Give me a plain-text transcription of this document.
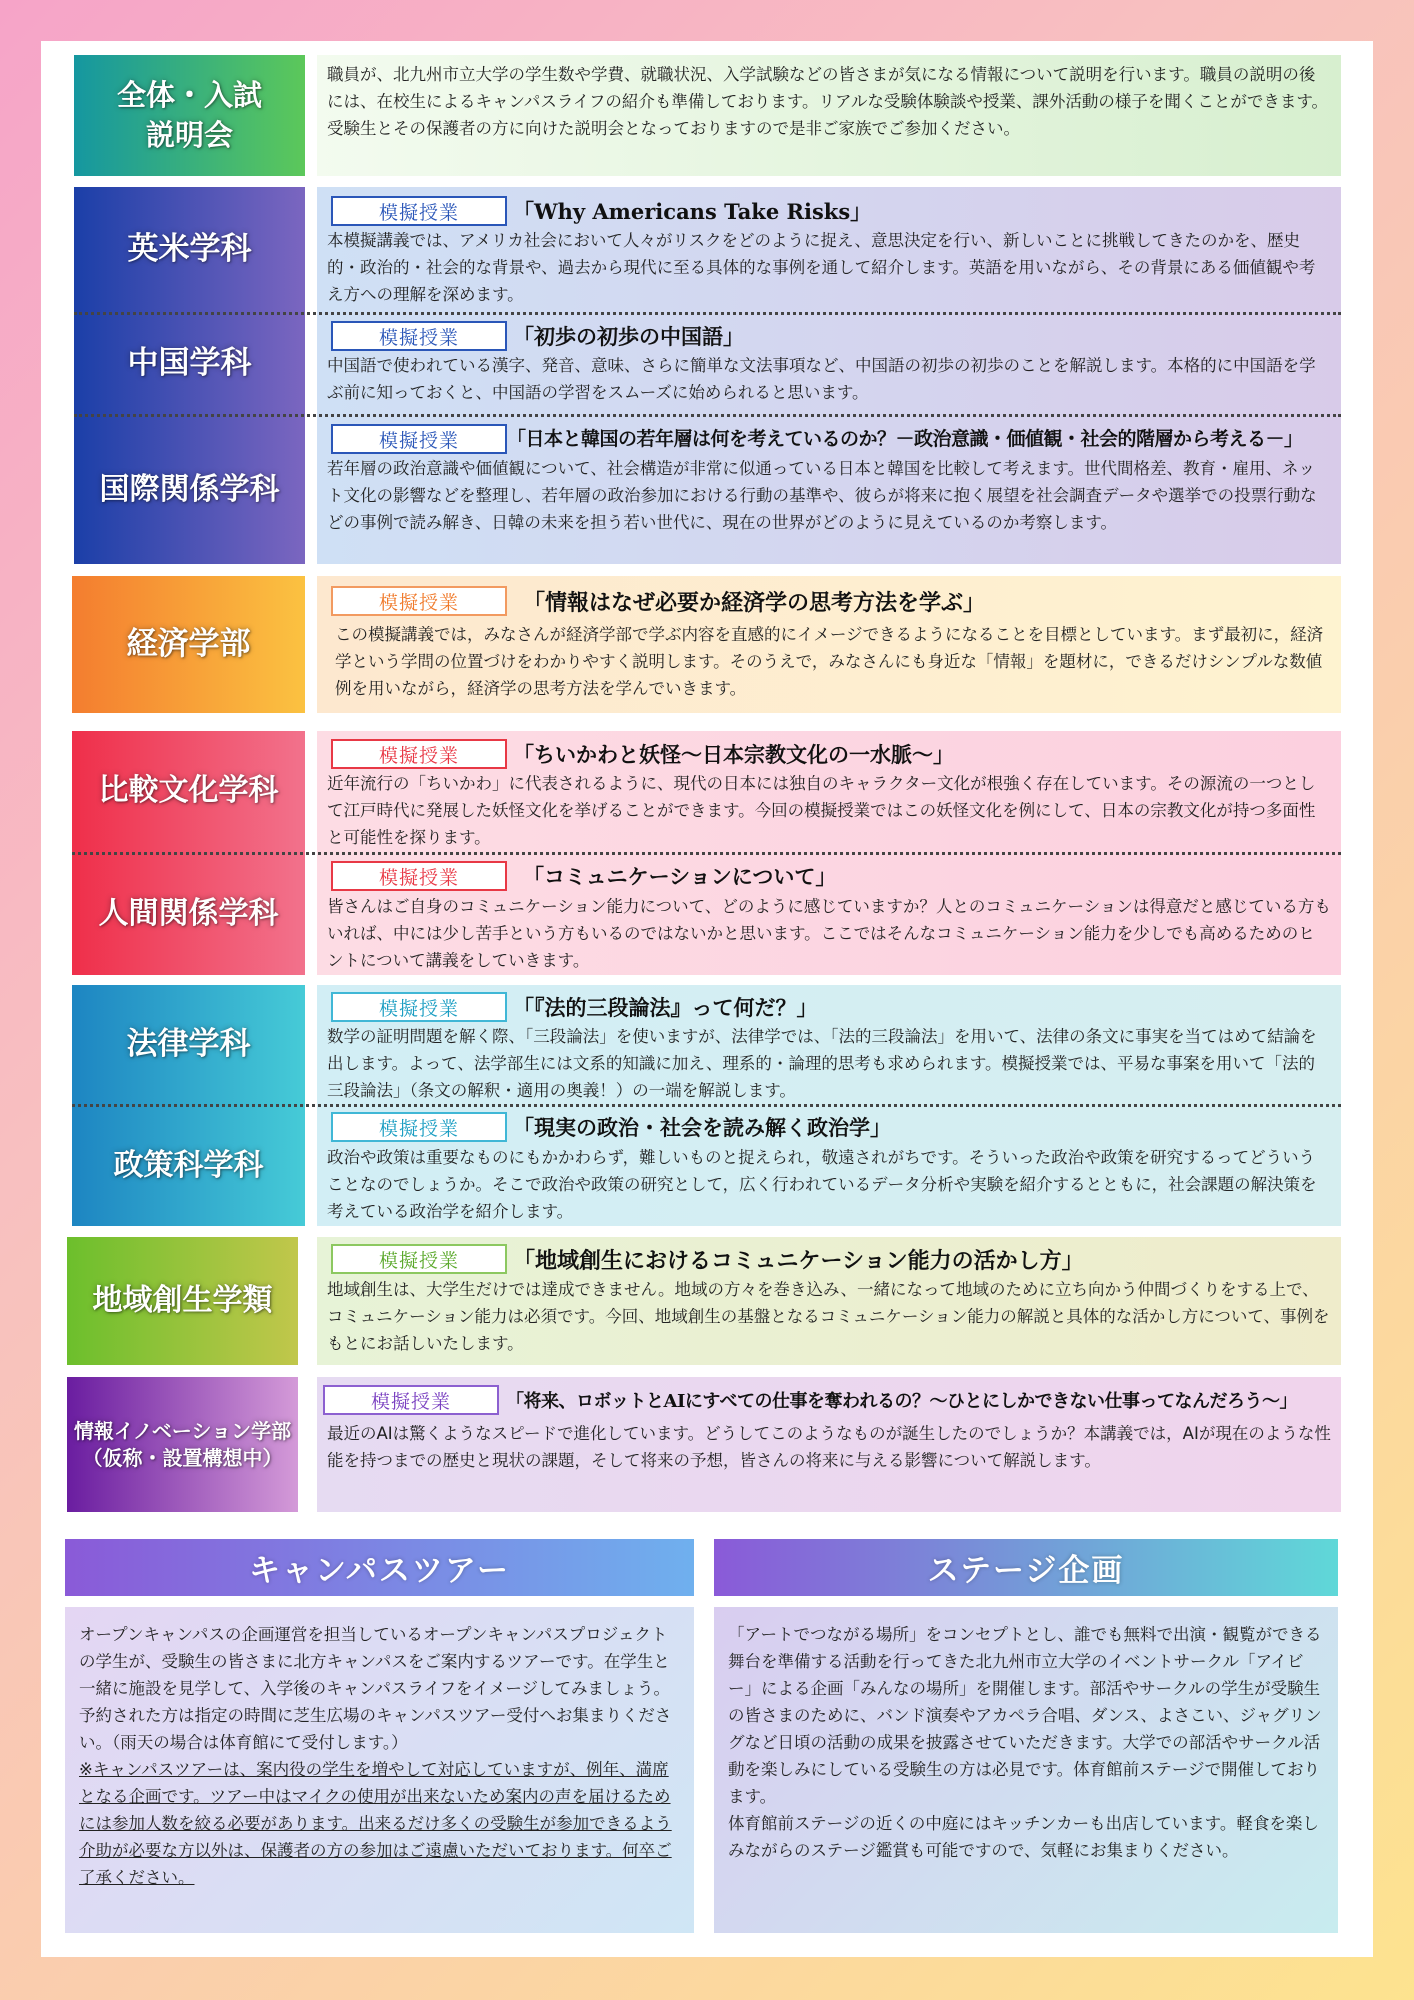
全体・入試
説明会
職員が、北九州市立大学の学生数や学費、就職状況、入学試験などの皆さまが気になる情報について説明を行います。職員の説明の後には、在校生によるキャンパスライフの紹介も準備しております。リアルな受験体験談や授業、課外活動の様子を聞くことができます。受験生とその保護者の方に向けた説明会となっておりますので是非ご家族でご参加ください。
英米学科
模擬授業	「Why Americans Take Risks」
本模擬講義では、アメリカ社会において人々がリスクをどのように捉え、意思決定を行い、新しいことに挑戦してきたのかを、歴史的・政治的・社会的な背景や、過去から現代に至る具体的な事例を通して紹介します。英語を用いながら、その背景にある価値観や考え方への理解を深めます。
中国学科
模擬授業	「初歩の初歩の中国語」
中国語で使われている漢字、発音、意味、さらに簡単な文法事項など、中国語の初歩の初歩のことを解説します。本格的に中国語を学ぶ前に知っておくと、中国語の学習をスムーズに始められると思います。
国際関係学科
模擬授業	「日本と韓国の若年層は何を考えているのか？－政治意識・価値観・社会的階層から考える－」
若年層の政治意識や価値観について、社会構造が非常に似通っている日本と韓国を比較して考えます。世代間格差、教育・雇用、ネット文化の影響などを整理し、若年層の政治参加における行動の基準や、彼らが将来に抱く展望を社会調査データや選挙での投票行動などの事例で読み解き、日韓の未来を担う若い世代に、現在の世界がどのように見えているのか考察します。
経済学部
模擬授業	「情報はなぜ必要か経済学の思考方法を学ぶ」
この模擬講義では，みなさんが経済学部で学ぶ内容を直感的にイメージできるようになることを目標としています。まず最初に，経済学という学問の位置づけをわかりやすく説明します。そのうえで，みなさんにも身近な「情報」を題材に，できるだけシンプルな数値例を用いながら，経済学の思考方法を学んでいきます。
比較文化学科
模擬授業	「ちいかわと妖怪～日本宗教文化の一水脈～」
近年流行の「ちいかわ」に代表されるように、現代の日本には独自のキャラクター文化が根強く存在しています。その源流の一つとして江戸時代に発展した妖怪文化を挙げることができます。今回の模擬授業ではこの妖怪文化を例にして、日本の宗教文化が持つ多面性と可能性を探ります。
人間関係学科
模擬授業	「コミュニケーションについて」
皆さんはご自身のコミュニケーション能力について、どのように感じていますか？人とのコミュニケーションは得意だと感じている方もいれば、中には少し苦手という方もいるのではないかと思います。ここではそんなコミュニケーション能力を少しでも高めるためのヒントについて講義をしていきます。
法律学科
模擬授業	「『法的三段論法』って何だ？」
数学の証明問題を解く際、「三段論法」を使いますが、法律学では、「法的三段論法」を用いて、法律の条文に事実を当てはめて結論を出します。よって、法学部生には文系的知識に加え、理系的・論理的思考も求められます。模擬授業では、平易な事案を用いて「法的三段論法」（条文の解釈・適用の奥義！）の一端を解説します。
政策科学科
模擬授業	「現実の政治・社会を読み解く政治学」
政治や政策は重要なものにもかかわらず，難しいものと捉えられ，敬遠されがちです。そういった政治や政策を研究するってどういうことなのでしょうか。そこで政治や政策の研究として，広く行われているデータ分析や実験を紹介するとともに，社会課題の解決策を考えている政治学を紹介します。
地域創生学類
模擬授業	「地域創生におけるコミュニケーション能力の活かし方」
地域創生は、大学生だけでは達成できません。地域の方々を巻き込み、一緒になって地域のために立ち向かう仲間づくりをする上で、コミュニケーション能力は必須です。今回、地域創生の基盤となるコミュニケーション能力の解説と具体的な活かし方について、事例をもとにお話しいたします。
情報イノベーション学部
（仮称・設置構想中）
模擬授業	「将来、ロボットとAIにすべての仕事を奪われるの？～ひとにしかできない仕事ってなんだろう～」
最近のAIは驚くようなスピードで進化しています。どうしてこのようなものが誕生したのでしょうか？本講義では，AIが現在のような性能を持つまでの歴史と現状の課題，そして将来の予想，皆さんの将来に与える影響について解説します。
キャンパスツアー
オープンキャンパスの企画運営を担当しているオープンキャンパスプロジェクトの学生が、受験生の皆さまに北方キャンパスをご案内するツアーです。在学生と一緒に施設を見学して、入学後のキャンパスライフをイメージしてみましょう。予約された方は指定の時間に芝生広場のキャンパスツアー受付へお集まりください。（雨天の場合は体育館にて受付します。）
※キャンパスツアーは、案内役の学生を増やして対応していますが、例年、満席となる企画です。ツアー中はマイクの使用が出来ないため案内の声を届けるためには参加人数を絞る必要があります。出来るだけ多くの受験生が参加できるよう介助が必要な方以外は、保護者の方の参加はご遠慮いただいております。何卒ご了承ください。
ステージ企画
「アートでつながる場所」をコンセプトとし、誰でも無料で出演・観覧ができる舞台を準備する活動を行ってきた北九州市立大学のイベントサークル「アイビー」による企画「みんなの場所」を開催します。部活やサークルの学生が受験生の皆さまのために、バンド演奏やアカペラ合唱、ダンス、よさこい、ジャグリングなど日頃の活動の成果を披露させていただきます。大学での部活やサークル活動を楽しみにしている受験生の方は必見です。体育館前ステージで開催しております。
体育館前ステージの近くの中庭にはキッチンカーも出店しています。軽食を楽しみながらのステージ鑑賞も可能ですので、気軽にお集まりください。
